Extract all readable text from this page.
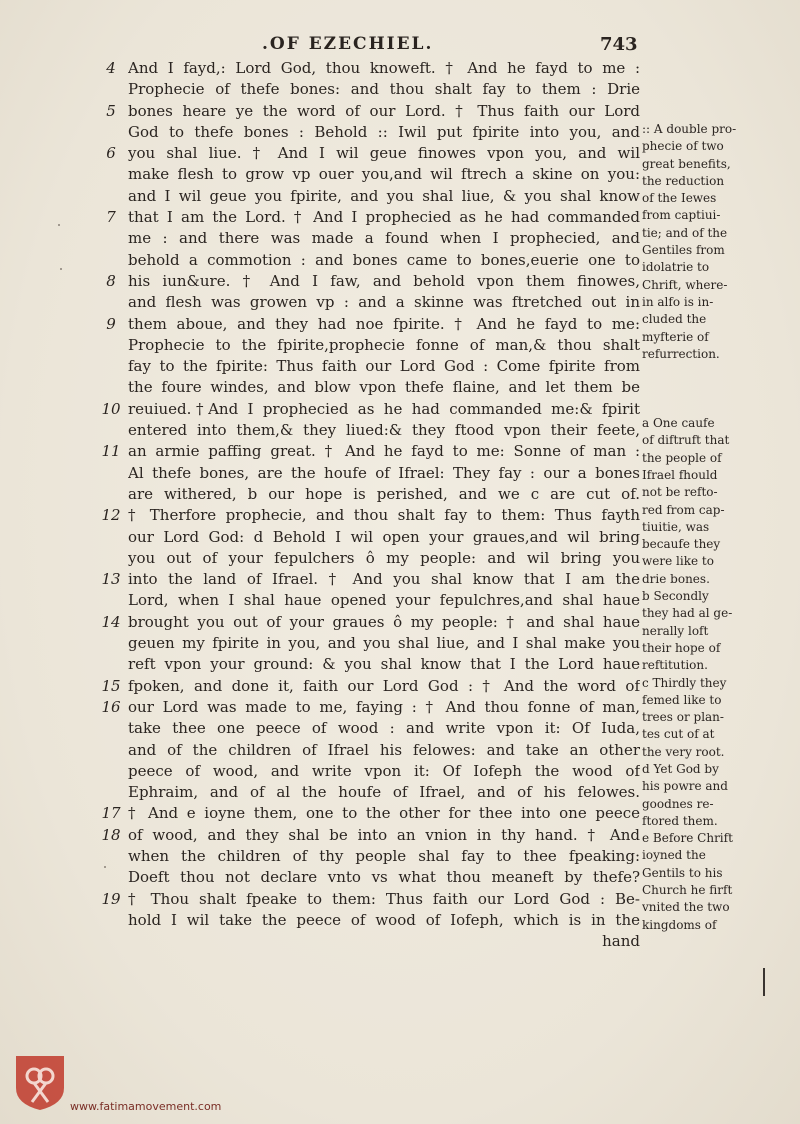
.OF EZECHIEL.	743
4 And I fayd,: Lord God, thou knoweft. † And he fayd to me :
Prophecie of thefe bones: and thou shalt fay to them : Drie
5 bones heare ye the word of our Lord. † Thus faith our Lord
God to thefe bones : Behold :: Iwil put fpirite into you, and
6 you shal liue. † And I wil geue finowes vpon you, and wil
make flesh to grow vp ouer you,and wil ftrech a skine on you:
and I wil geue you fpirite, and you shal liue, & you shal know
7 that I am the Lord. † And I prophecied as he had commanded
me : and there was made a found when I prophecied, and
behold a commotion : and bones came to bones,euerie one to
8 his iun&ure. † And I faw, and behold vpon them finowes,
and flesh was growen vp : and a skinne was ftretched out in
9 them aboue, and they had noe fpirite. † And he fayd to me:
Prophecie to the fpirite,prophecie fonne of man,& thou shalt
fay to the fpirite: Thus faith our Lord God : Come fpirite from
the foure windes, and blow vpon thefe flaine, and let them be
10 reuiued.†And I prophecied as he had commanded me:& fpirit
entered into them,& they liued:& they ftood vpon their feete,
11 an armie paffing great. † And he fayd to me: Sonne of man :
Al thefe bones, are the houfe of Ifrael: They fay : our a bones
are withered, b our hope is perished, and we c are cut of.
12 † Therfore prophecie, and thou shalt fay to them: Thus fayth
our Lord God: d Behold I wil open your graues,and wil bring
you out of your fepulchers ô my people: and wil bring you
13 into the land of Ifrael. † And you shal know that I am the
Lord, when I shal haue opened your fepulchres,and shal haue
14 brought you out of your graues ô my people: † and shal haue
geuen my fpirite in you, and you shal liue, and I shal make you
reft vpon your ground: & you shal know that I the Lord haue
15 fpoken, and done it, faith our Lord God : † And the word of
16 our Lord was made to me, faying : † And thou fonne of man,
take thee one peece of wood : and write vpon it: Of Iuda,
and of the children of Ifrael his felowes: and take an other
peece of wood, and write vpon it: Of Iofeph the wood of
Ephraim, and of al the houfe of Ifrael, and of his felowes.
17 † And e ioyne them, one to the other for thee into one peece
18 of wood, and they shal be into an vnion in thy hand. † And
when the children of thy people shal fay to thee fpeaking:
Doeft thou not declare vnto vs what thou meaneft by thefe?
19 † Thou shalt fpeake to them: Thus faith our Lord God : Be-
hold I wil take the peece of wood of Iofeph, which is in the
hand
:: A double pro-
phecie of two
great benefits,
the reduction
of the Iewes
from captiui-
tie; and of the
Gentiles from
idolatrie to
Chrift, where-
in alfo is in-
cluded the
myfterie of
refurrection.
a One caufe
of diftruft that
the people of
Ifrael fhould
not be refto-
red from cap-
tiuitie, was
becaufe they
were like to
drie bones.
b Secondly
they had al ge-
nerally loft
their hope of
reftitution.
c Thirdly they
femed like to
trees or plan-
tes cut of at
the very root.
d Yet God by
his powre and
goodnes re-
ftored them.
e Before Chrift
ioyned the
Gentils to his
Church he firft
vnited the two
kingdoms of
www.fatimamovement.com
